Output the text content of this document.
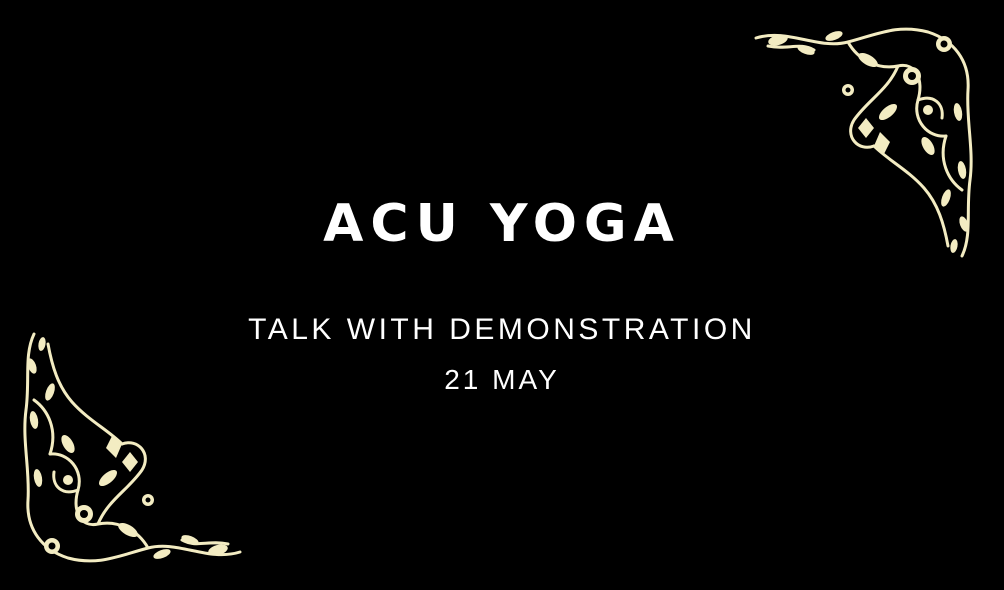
ACU YOGA
TALK WITH DEMONSTRATION
21 MAY
